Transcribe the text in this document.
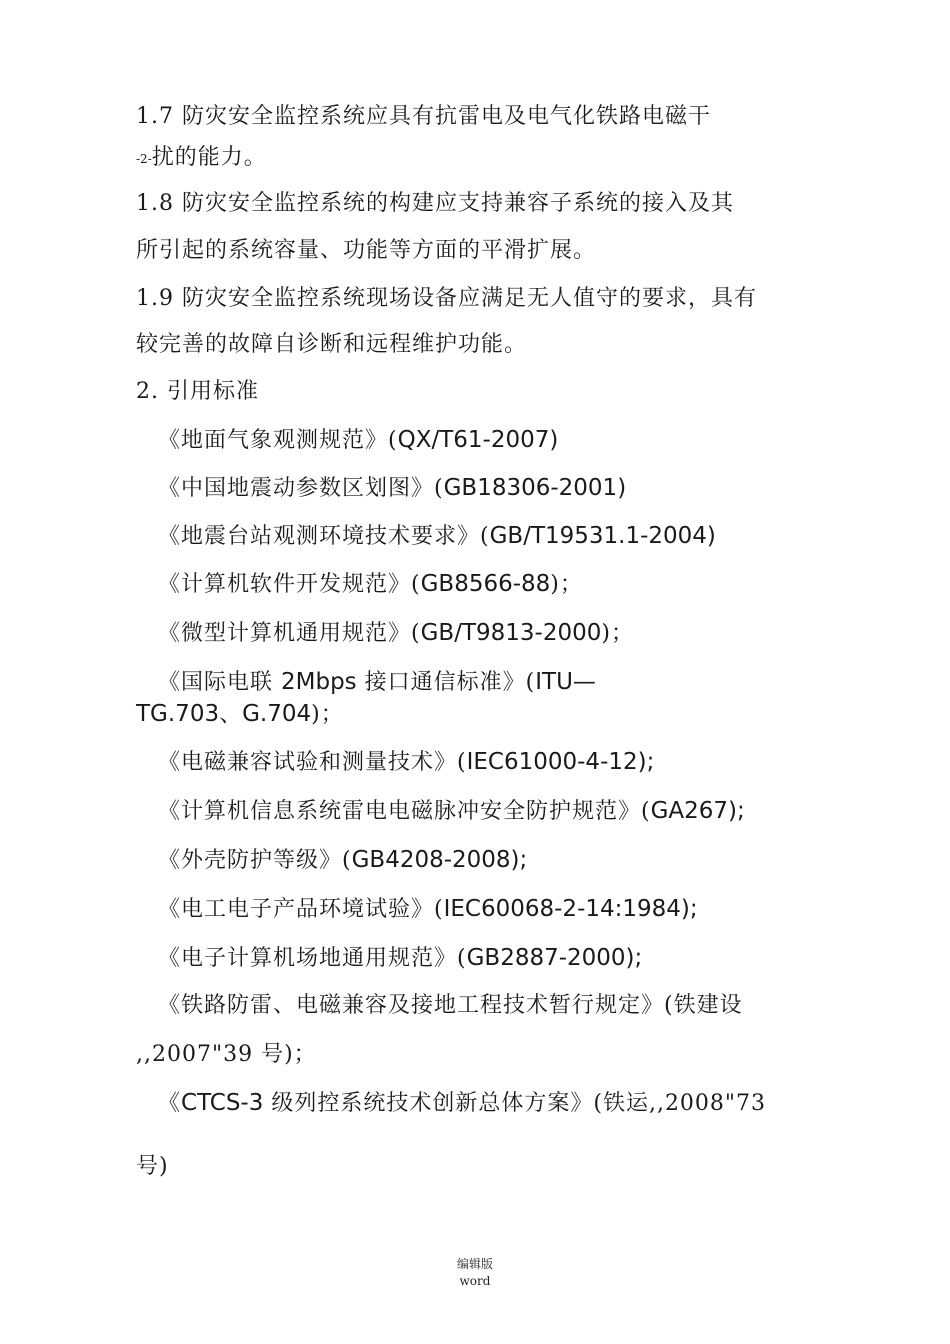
1.7 防灾安全监控系统应具有抗雷电及电气化铁路电磁干
-2-扰的能力。
1.8 防灾安全监控系统的构建应支持兼容子系统的接入及其
所引起的系统容量、功能等方面的平滑扩展。
1.9 防灾安全监控系统现场设备应满足无人值守的要求，具有
较完善的故障自诊断和远程维护功能。
2. 引用标准
《地面气象观测规范》(QX/T61-2007)
《中国地震动参数区划图》(GB18306-2001)
《地震台站观测环境技术要求》(GB/T19531.1-2004)
《计算机软件开发规范》(GB8566-88)；
《微型计算机通用规范》(GB/T9813-2000)；
《国际电联 2Mbps 接口通信标准》(ITU—
TG.703、G.704)；
《电磁兼容试验和测量技术》(IEC61000-4-12);
《计算机信息系统雷电电磁脉冲安全防护规范》(GA267);
《外壳防护等级》(GB4208-2008);
《电工电子产品环境试验》(IEC60068-2-14:1984);
《电子计算机场地通用规范》(GB2887-2000);
《铁路防雷、电磁兼容及接地工程技术暂行规定》(铁建设
,,2007"39 号)；
《CTCS-3 级列控系统技术创新总体方案》(铁运,,2008"73
号)
编辑版
word
